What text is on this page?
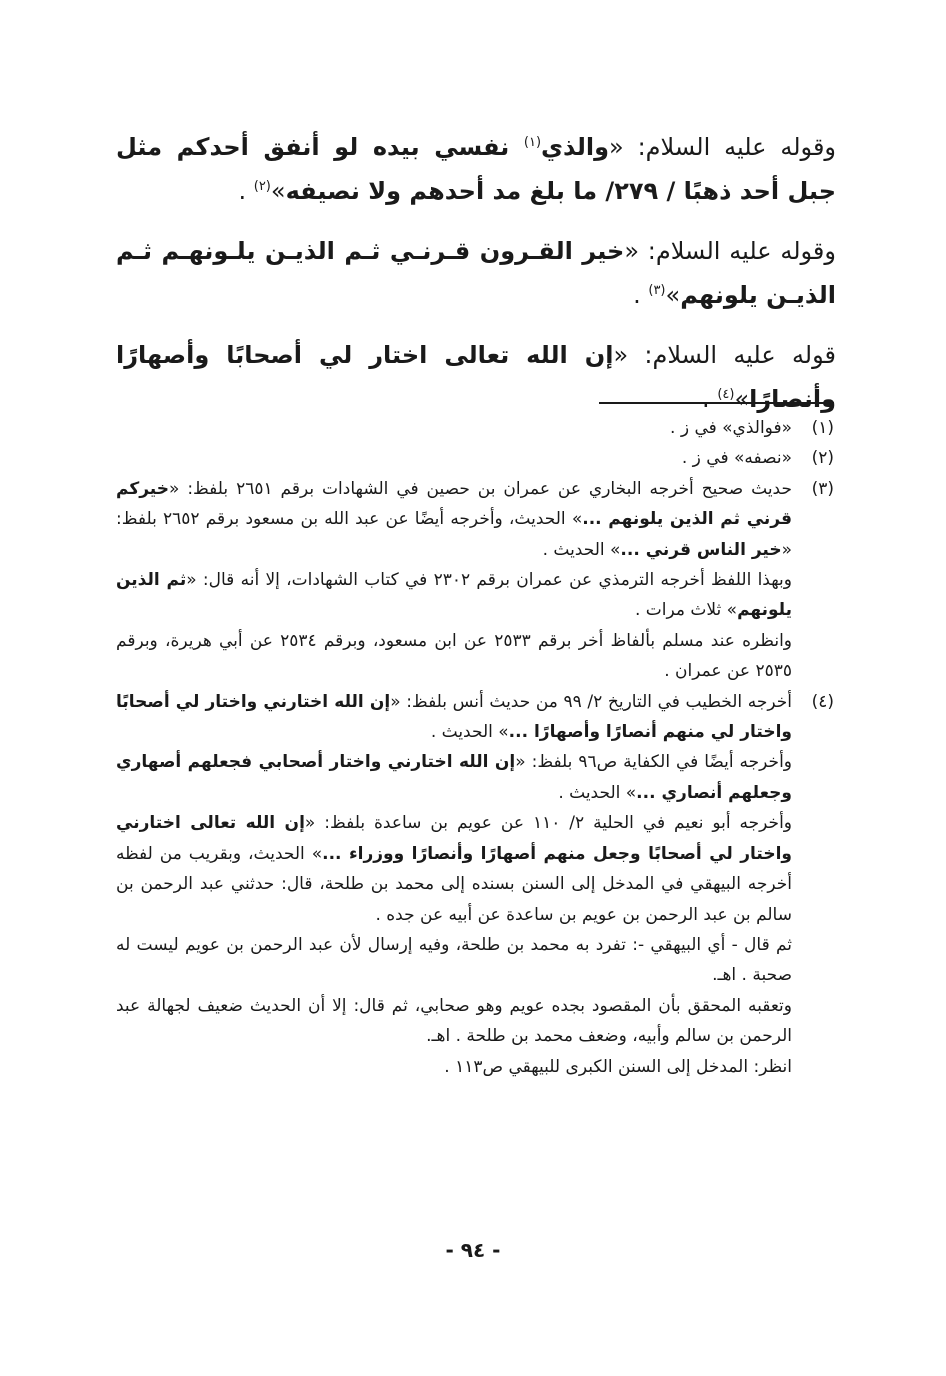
وقوله عليه السلام: «والذي$^{(١)}$ نفسي بيده لو أنفق أحدكم مثل جبل أحد ذهبًا / ٢٧٩/ ما بلغ مد أحدهم ولا نصيفه»$^{(٢)}$ .

وقوله عليه السلام: «خير القـرون قـرنـي ثـم الذيـن يلـونهـم ثـم الذيـن يلونهم»$^{(٣)}$ .

قوله عليه السلام: «إن الله تعالى اختار لي أصحابًا وأصهارًا وأنصارًا»$^{(٤)}$ .

(١)

«فوالذي» في ز .

(٢)

«نصفه» في ز .

(٣)

حديث صحيح أخرجه البخاري عن عمران بن حصين في الشهادات برقم ٢٦٥١ بلفظ: «خيركم قرني ثم الذين يلونهم ...» الحديث، وأخرجه أيضًا عن عبد الله بن مسعود برقم ٢٦٥٢ بلفظ: «خير الناس قرني ...» الحديث .

وبهذا اللفظ أخرجه الترمذي عن عمران برقم ٢٣٠٢ في كتاب الشهادات، إلا أنه قال: «ثم الذين يلونهم» ثلاث مرات .

وانظره عند مسلم بألفاظ أخر برقم ٢٥٣٣ عن ابن مسعود، وبرقم ٢٥٣٤ عن أبي هريرة، وبرقم ٢٥٣٥ عن عمران .

(٤)

أخرجه الخطيب في التاريخ ٢/ ٩٩ من حديث أنس بلفظ: «إن الله اختارني واختار لي أصحابًا واختار لي منهم أنصارًا وأصهارًا ...» الحديث .

وأخرجه أيضًا في الكفاية ص٩٦ بلفظ: «إن الله اختارني واختار أصحابي فجعلهم أصهاري وجعلهم أنصاري ...» الحديث .

وأخرجه أبو نعيم في الحلية ٢/ ١١٠ عن عويم بن ساعدة بلفظ: «إن الله تعالى اختارني واختار لي أصحابًا وجعل منهم أصهارًا وأنصارًا ووزراء ...» الحديث، وبقريب من لفظه أخرجه البيهقي في المدخل إلى السنن بسنده إلى محمد بن طلحة، قال: حدثني عبد الرحمن بن سالم بن عبد الرحمن بن عويم بن ساعدة عن أبيه عن جده .

ثم قال - أي البيهقي -: تفرد به محمد بن طلحة، وفيه إرسال لأن عبد الرحمن بن عويم ليست له صحبة . اهـ.

وتعقبه المحقق بأن المقصود بجده عويم وهو صحابي، ثم قال: إلا أن الحديث ضعيف لجهالة عبد الرحمن بن سالم وأبيه، وضعف محمد بن طلحة . اهـ.

انظر: المدخل إلى السنن الكبرى للبيهقي ص١١٣ .

- ٩٤ -
